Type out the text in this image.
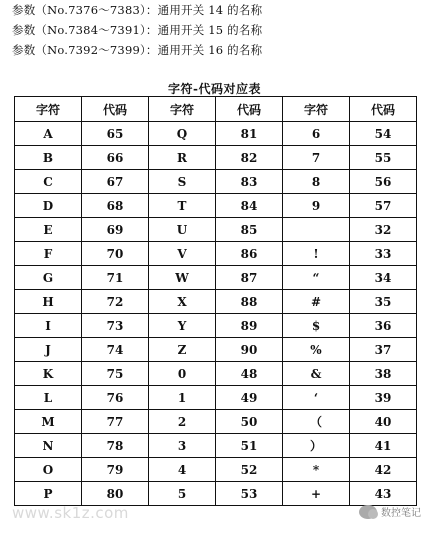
参数（No.7376～7383）：通用开关 14 的名称
参数（No.7384～7391）：通用开关 15 的名称
参数（No.7392～7399）：通用开关 16 的名称
字符-代码对应表
字符	代码	字符	代码	字符	代码
A	65	Q	81	6	54
B	66	R	82	7	55
C	67	S	83	8	56
D	68	T	84	9	57
E	69	U	85		32
F	70	V	86	!	33
G	71	W	87	“	34
H	72	X	88	#	35
I	73	Y	89	$	36
J	74	Z	90	%	37
K	75	0	48	&	38
L	76	1	49	‘	39
M	77	2	50	（	40
N	78	3	51	）	41
O	79	4	52	*	42
P	80	5	53	+	43
www.sk1z.com	数控笔记
